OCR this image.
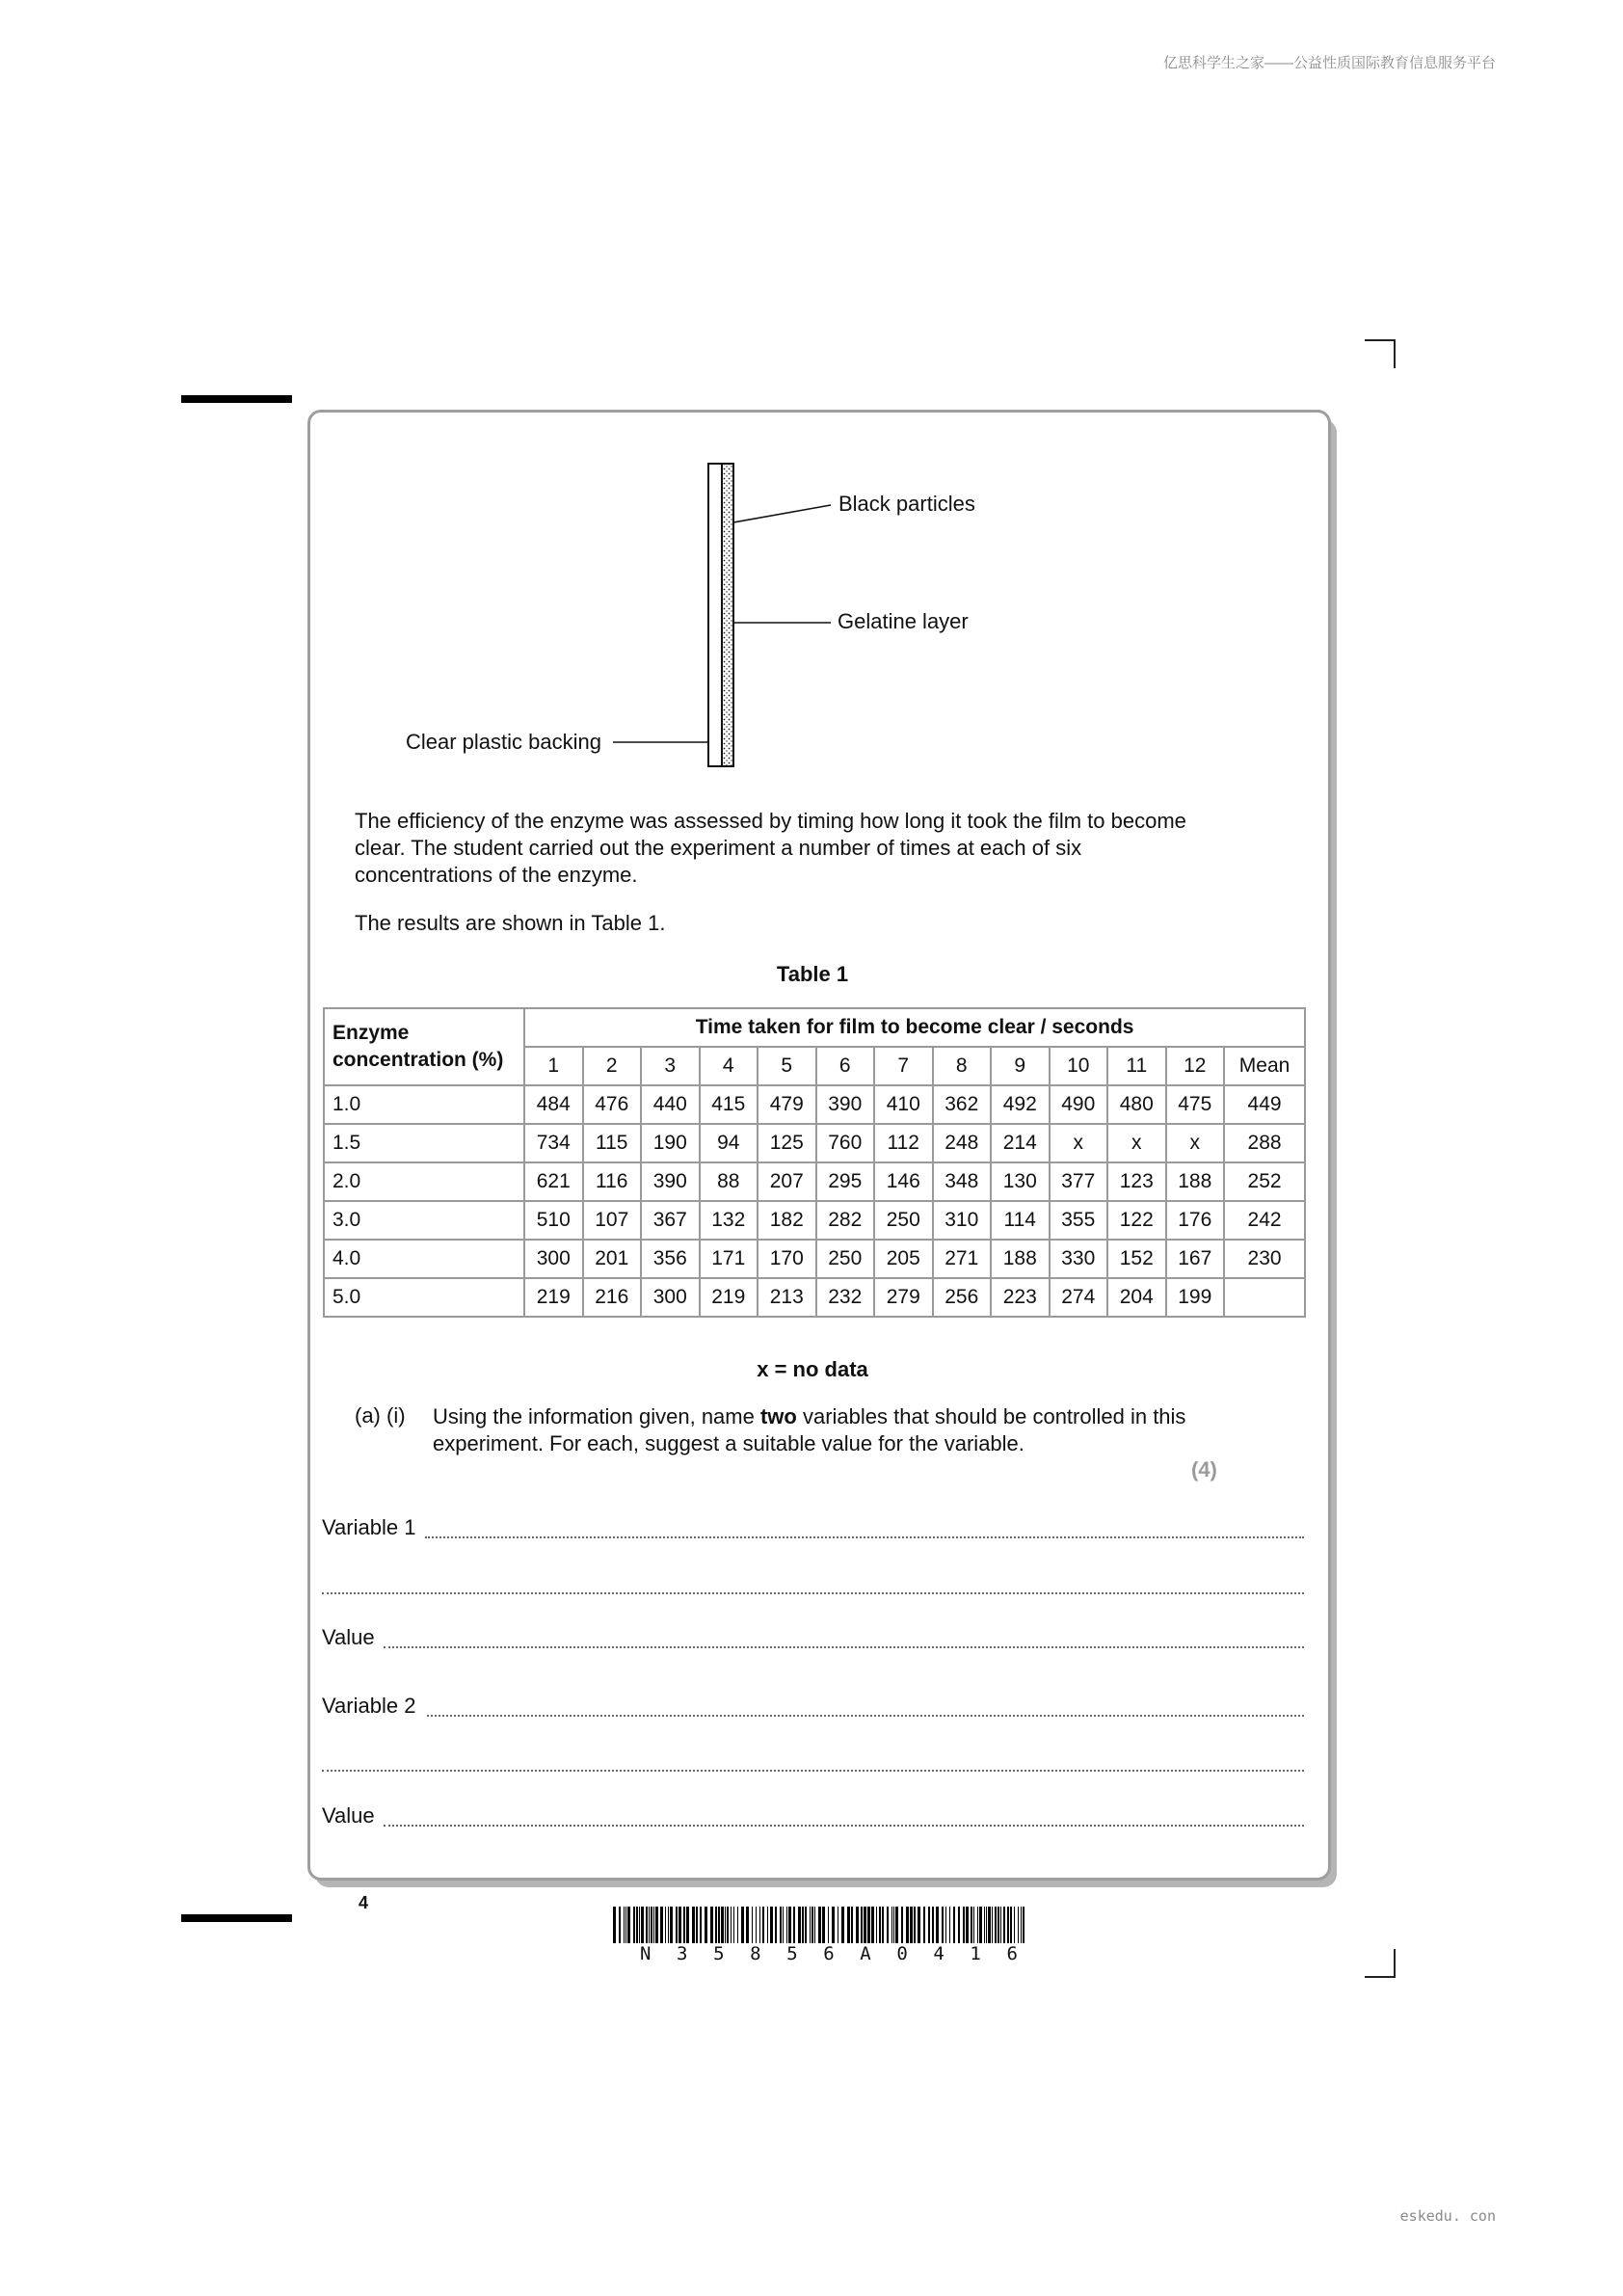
亿思科学生之家——公益性质国际教育信息服务平台
Black particles
Gelatine layer
Clear plastic backing
The efficiency of the enzyme was assessed by timing how long it took the film to become clear. The student carried out the experiment a number of times at each of six concentrations of the enzyme.
The results are shown in Table 1.
Table 1
Enzyme
concentration (%)	Time taken for film to become clear / seconds												
	1	2	3	4	5	6	7	8	9	10	11	12	Mean
1.0	484	476	440	415	479	390	410	362	492	490	480	475	449
1.5	734	115	190	94	125	760	112	248	214	x	x	x	288
2.0	621	116	390	88	207	295	146	348	130	377	123	188	252
3.0	510	107	367	132	182	282	250	310	114	355	122	176	242
4.0	300	201	356	171	170	250	205	271	188	330	152	167	230
5.0	219	216	300	219	213	232	279	256	223	274	204	199	
x = no data
(a) (i) Using the information given, name two variables that should be controlled in this experiment. For each, suggest a suitable value for the variable.
(4)
Variable 1
Value
Variable 2
Value
4
N 3 5 8 5 6 A 0 4 1 6
eskedu. con
